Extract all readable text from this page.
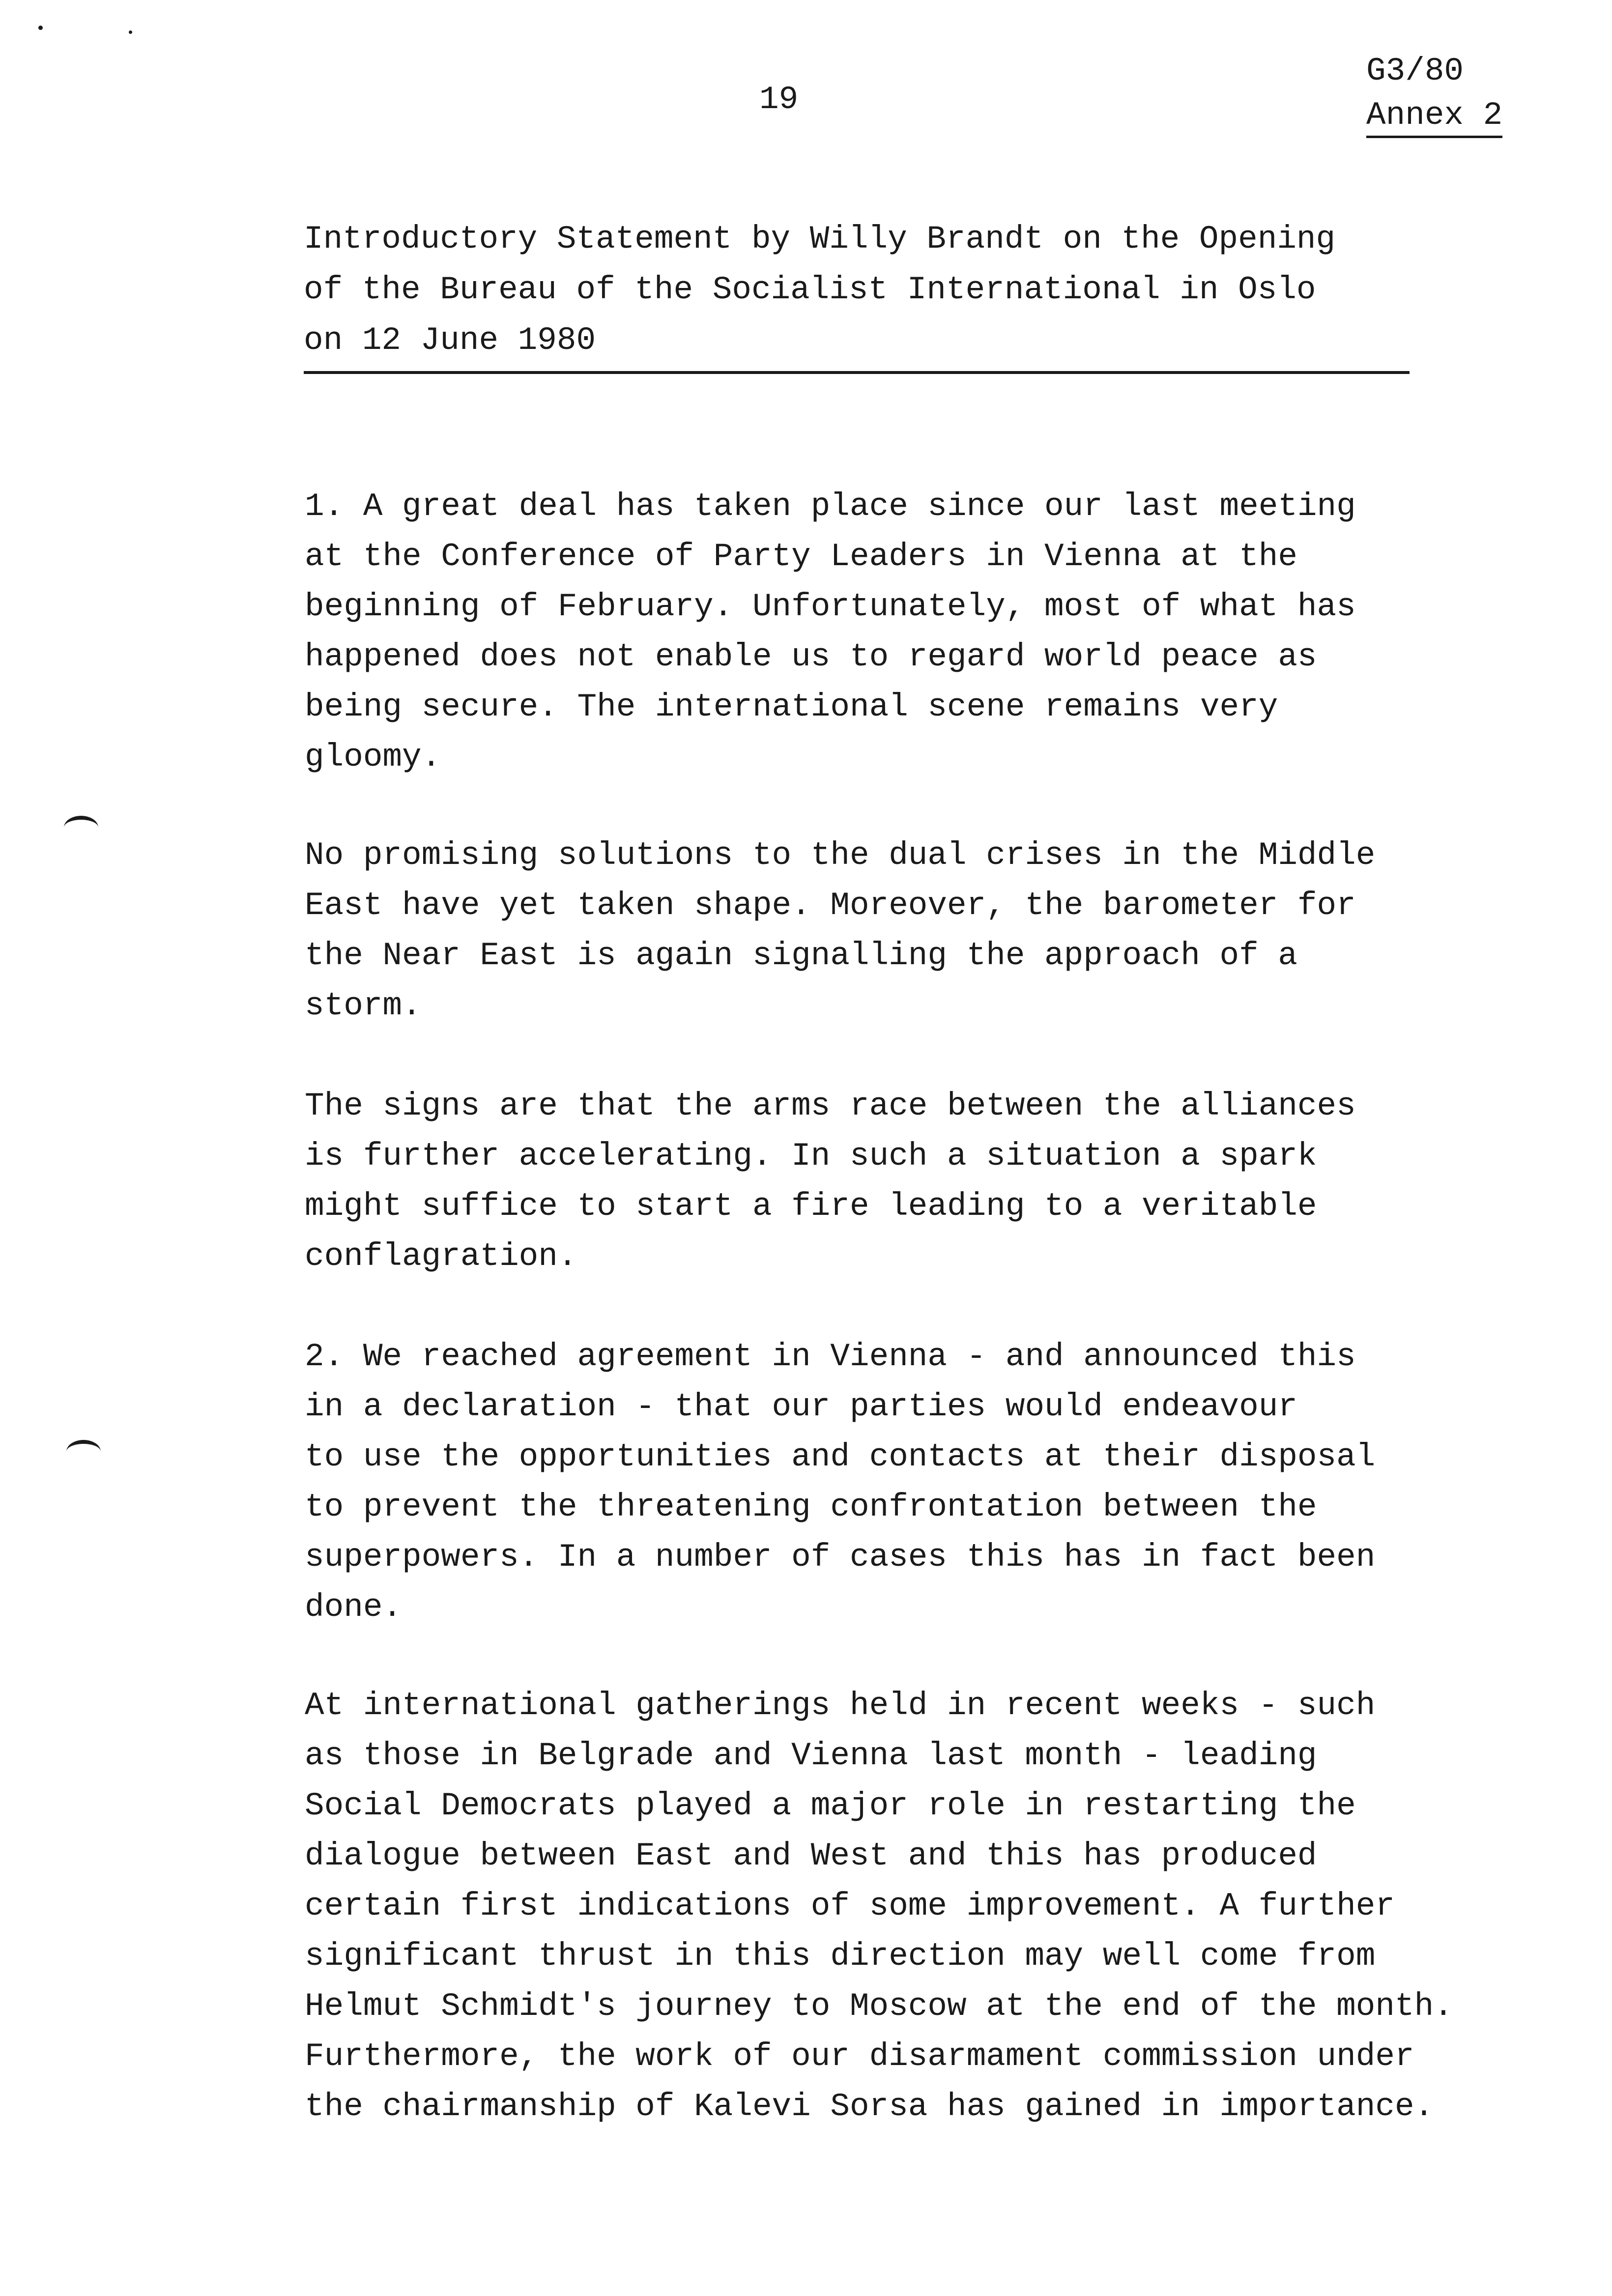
G3/80
Annex 2
19
Introductory Statement by Willy Brandt on the Opening
of the Bureau of the Socialist International in Oslo
on 12 June 1980
1. A great deal has taken place since our last meeting
at the Conference of Party Leaders in Vienna at the
beginning of February. Unfortunately, most of what has
happened does not enable us to regard world peace as
being secure. The international scene remains very
gloomy.
No promising solutions to the dual crises in the Middle
East have yet taken shape. Moreover, the barometer for
the Near East is again signalling the approach of a
storm.
The signs are that the arms race between the alliances
is further accelerating. In such a situation a spark
might suffice to start a fire leading to a veritable
conflagration.
2. We reached agreement in Vienna - and announced this
in a declaration - that our parties would endeavour
to use the opportunities and contacts at their disposal
to prevent the threatening confrontation between the
superpowers. In a number of cases this has in fact been
done.
At international gatherings held in recent weeks - such
as those in Belgrade and Vienna last month - leading
Social Democrats played a major role in restarting the
dialogue between East and West and this has produced
certain first indications of some improvement. A further
significant thrust in this direction may well come from
Helmut Schmidt's journey to Moscow at the end of the month.
Furthermore, the work of our disarmament commission under
the chairmanship of Kalevi Sorsa has gained in importance.
